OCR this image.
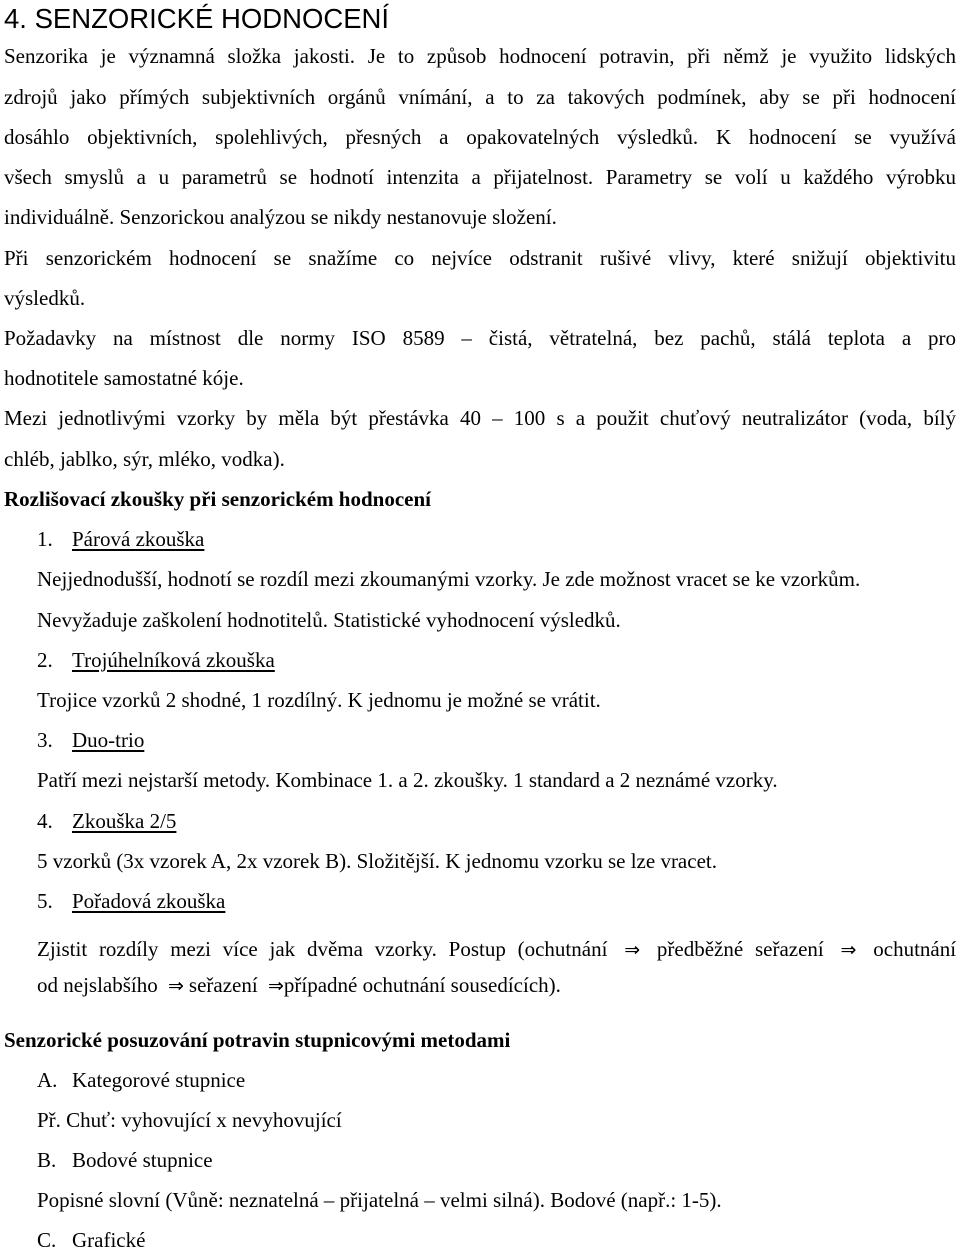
4. SENZORICKÉ HODNOCENÍ
Senzorika je významná složka jakosti. Je to způsob hodnocení potravin, při němž je využito lidských
zdrojů jako přímých subjektivních orgánů vnímání, a to za takových podmínek, aby se při hodnocení
dosáhlo objektivních, spolehlivých, přesných a opakovatelných výsledků. K hodnocení se využívá
všech smyslů a u parametrů se hodnotí intenzita a přijatelnost. Parametry se volí u každého výrobku
individuálně. Senzorickou analýzou se nikdy nestanovuje složení.
Při senzorickém hodnocení se snažíme co nejvíce odstranit rušivé vlivy, které snižují objektivitu
výsledků.
Požadavky na místnost dle normy ISO 8589 – čistá, větratelná, bez pachů, stálá teplota a pro
hodnotitele samostatné kóje.
Mezi jednotlivými vzorky by měla být přestávka 40 – 100 s a použit chuťový neutralizátor (voda, bílý
chléb, jablko, sýr, mléko, vodka).
Rozlišovací zkoušky při senzorickém hodnocení
1. Párová zkouška
Nejjednodušší, hodnotí se rozdíl mezi zkoumanými vzorky. Je zde možnost vracet se ke vzorkům.
Nevyžaduje zaškolení hodnotitelů. Statistické vyhodnocení výsledků.
2. Trojúhelníková zkouška
Trojice vzorků 2 shodné, 1 rozdílný. K jednomu je možné se vrátit.
3. Duo-trio
Patří mezi nejstarší metody. Kombinace 1. a 2. zkoušky. 1 standard a 2 neznámé vzorky.
4. Zkouška 2/5
5 vzorků (3x vzorek A, 2x vzorek B). Složitější. K jednomu vzorku se lze vracet.
5. Pořadová zkouška
Zjistit rozdíly mezi více jak dvěma vzorky. Postup (ochutnání ⇒ předběžné seřazení ⇒ ochutnání
od nejslabšího ⇒ seřazení ⇒případné ochutnání sousedících).
Senzorické posuzování potravin stupnicovými metodami
A. Kategorové stupnice
Př. Chuť: vyhovující x nevyhovující
B. Bodové stupnice
Popisné slovní (Vůně: neznatelná – přijatelná – velmi silná). Bodové (např.: 1-5).
C. Grafické
